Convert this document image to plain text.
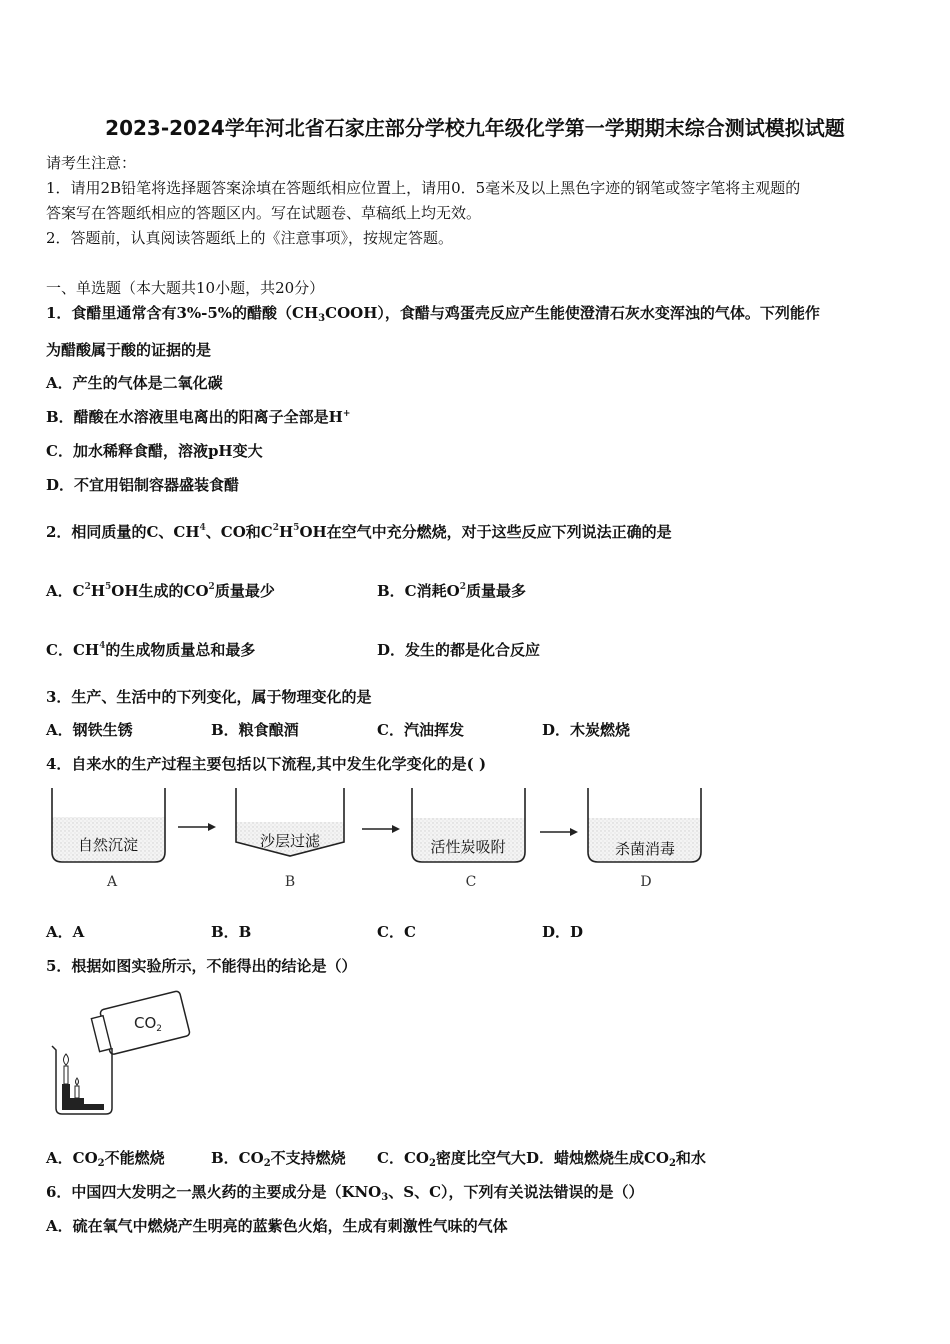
2023-2024学年河北省石家庄部分学校九年级化学第一学期期末综合测试模拟试题
请考生注意：
1．请用2B铅笔将选择题答案涂填在答题纸相应位置上，请用0．5毫米及以上黑色字迹的钢笔或签字笔将主观题的
答案写在答题纸相应的答题区内。写在试题卷、草稿纸上均无效。
2．答题前，认真阅读答题纸上的《注意事项》，按规定答题。
一、单选题（本大题共10小题，共20分）
1．食醋里通常含有3%-5%的醋酸$(CH_3COOH)$，食醋与鸡蛋壳反应产生能使澄清石灰水变浑浊的气体。下列能作
为醋酸属于酸的证据的是
A．产生的气体是二氧化碳
B．醋酸在水溶液里电离出的阳离子全部是H+
C．加水稀释食醋，溶液pH变大
D．不宜用铝制容器盛装食醋
2．相同质量的C、$CH^4$、CO和$C^2H^5OH$在空气中充分燃烧，对于这些反应下列说法正确的是
A．$C^2H^5OH$生成的$CO^2$质量最少	B．C消耗$O^2$质量最多
C．$CH^4$的生成物质量总和最多	D．发生的都是化合反应
3．生产、生活中的下列变化，属于物理变化的是
A．钢铁生锈	B．粮食酿酒	C．汽油挥发	D．木炭燃烧
4．自来水的生产过程主要包括以下流程,其中发生化学变化的是( )
自然沉淀
A
沙层过滤
B
活性炭吸附
C
杀菌消毒
D
A．A	B．B	C．C	D．D
5．根据如图实验所示，不能得出的结论是（）
$CO_2$
A．$CO_2$不能燃烧	B．$CO_2$不支持燃烧 C．$CO_2$密度比空气大D．蜡烛燃烧生成$CO_2$和水
6．中国四大发明之一黑火药的主要成分是（$KNO_3$、S、C），下列有关说法错误的是（）
A．硫在氧气中燃烧产生明亮的蓝紫色火焰，生成有刺激性气味的气体
